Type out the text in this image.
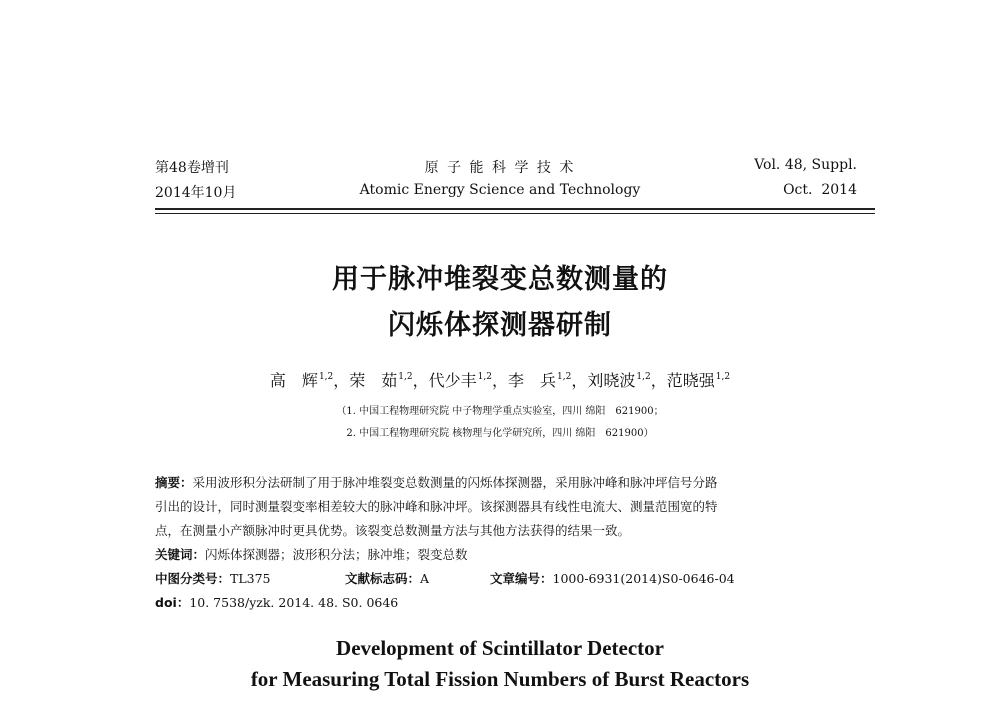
第48卷增刊
2014年10月
原 子 能 科 学 技 术
Atomic Energy Science and Technology
Vol. 48, Suppl.
Oct.  2014
用于脉冲堆裂变总数测量的
闪烁体探测器研制
高　辉$^{1,2}$，荣　茹$^{1,2}$，代少丰$^{1,2}$，李　兵$^{1,2}$，刘晓波$^{1,2}$，范晓强$^{1,2}$
（1. 中国工程物理研究院 中子物理学重点实验室，四川 绵阳　621900；
2. 中国工程物理研究院 核物理与化学研究所，四川 绵阳　621900）
摘要：采用波形积分法研制了用于脉冲堆裂变总数测量的闪烁体探测器，采用脉冲峰和脉冲坪信号分路
引出的设计，同时测量裂变率相差较大的脉冲峰和脉冲坪。该探测器具有线性电流大、测量范围宽的特
点，在测量小产额脉冲时更具优势。该裂变总数测量方法与其他方法获得的结果一致。
关键词：闪烁体探测器；波形积分法；脉冲堆；裂变总数
中图分类号：TL375	文献标志码：A	文章编号：1000-6931(2014)S0-0646-04
doi：10. 7538/yzk. 2014. 48. S0. 0646
Development of Scintillator Detector
for Measuring Total Fission Numbers of Burst Reactors
